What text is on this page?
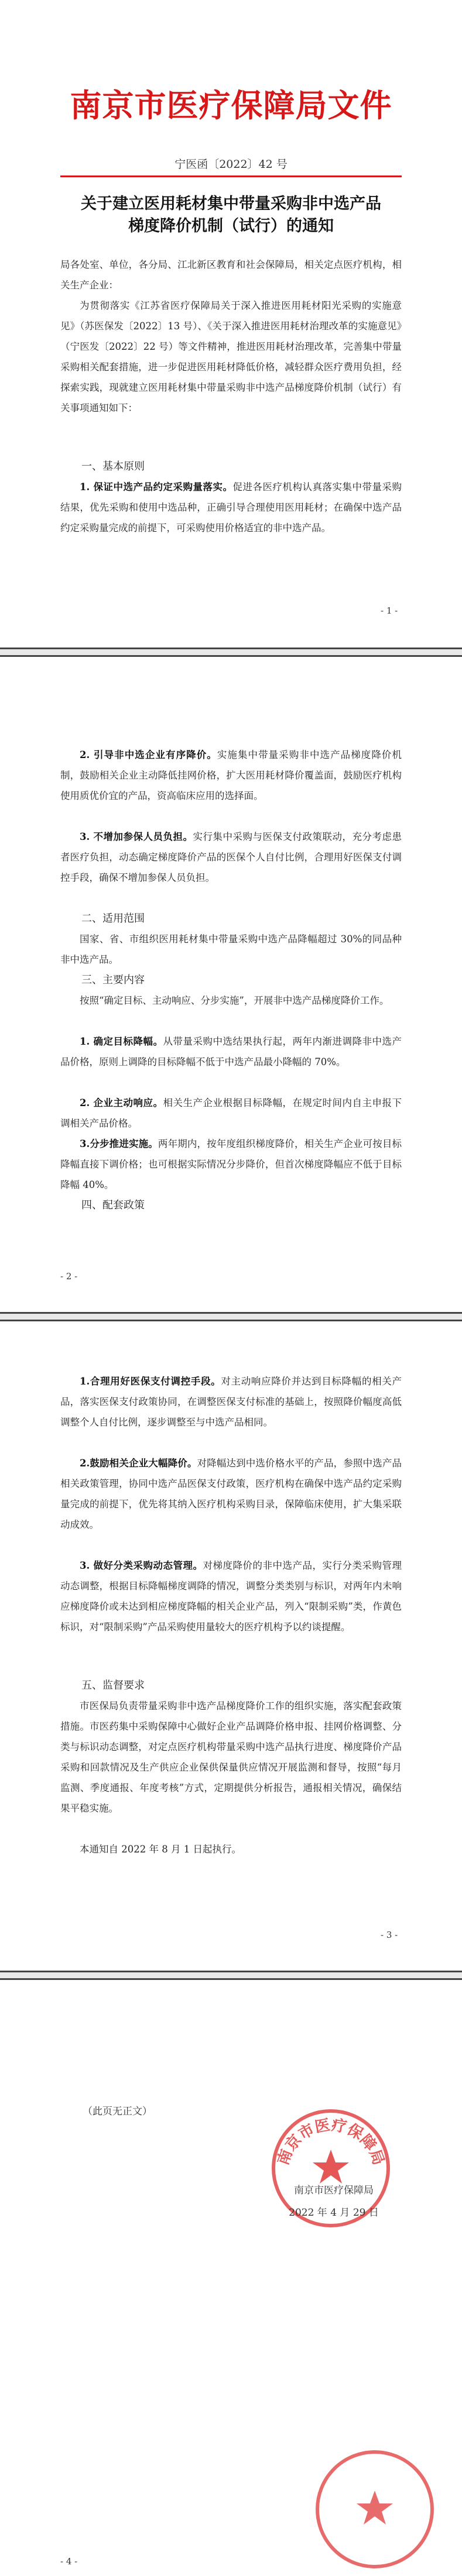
南京市医疗保障局文件
宁医函〔2022〕42 号
关于建立医用耗材集中带量采购非中选产品
梯度降价机制（试行）的通知
局各处室、单位，各分局、江北新区教育和社会保障局，相关定点医疗机构，相关生产企业：
为贯彻落实《江苏省医疗保障局关于深入推进医用耗材阳光采购的实施意见》（苏医保发〔2022〕13 号）、《关于深入推进医用耗材治理改革的实施意见》（宁医发〔2022〕22 号）等文件精神，推进医用耗材治理改革，完善集中带量采购相关配套措施，进一步促进医用耗材降低价格，减轻群众医疗费用负担，经探索实践，现就建立医用耗材集中带量采购非中选产品梯度降价机制（试行）有关事项通知如下：
一、基本原则
1. 保证中选产品约定采购量落实。促进各医疗机构认真落实集中带量采购结果，优先采购和使用中选品种，正确引导合理使用医用耗材；在确保中选产品约定采购量完成的前提下，可采购使用价格适宜的非中选产品。
- 1 -
2. 引导非中选企业有序降价。实施集中带量采购非中选产品梯度降价机制，鼓励相关企业主动降低挂网价格，扩大医用耗材降价覆盖面，鼓励医疗机构使用质优价宜的产品，资高临床应用的选择面。
3. 不增加参保人员负担。实行集中采购与医保支付政策联动，充分考虑患者医疗负担，动态确定梯度降价产品的医保个人自付比例，合理用好医保支付调控手段，确保不增加参保人员负担。
二、适用范围
国家、省、市组织医用耗材集中带量采购中选产品降幅超过 30%的同品种非中选产品。
三、主要内容
按照“确定目标、主动响应、分步实施”，开展非中选产品梯度降价工作。
1. 确定目标降幅。从带量采购中选结果执行起，两年内渐进调降非中选产品价格，原则上调降的目标降幅不低于中选产品最小降幅的 70%。
2. 企业主动响应。相关生产企业根据目标降幅，在规定时间内自主申报下调相关产品价格。
3.分步推进实施。两年期内，按年度组织梯度降价，相关生产企业可按目标降幅直接下调价格；也可根据实际情况分步降价，但首次梯度降幅应不低于目标降幅 40%。
四、配套政策
- 2 -
1.合理用好医保支付调控手段。对主动响应降价并达到目标降幅的相关产品，落实医保支付政策协同，在调整医保支付标准的基础上，按照降价幅度高低调整个人自付比例，逐步调整至与中选产品相同。
2.鼓励相关企业大幅降价。对降幅达到中选价格水平的产品，参照中选产品相关政策管理，协同中选产品医保支付政策，医疗机构在确保中选产品约定采购量完成的前提下，优先将其纳入医疗机构采购目录，保障临床使用，扩大集采联动成效。
3. 做好分类采购动态管理。对梯度降价的非中选产品，实行分类采购管理动态调整，根据目标降幅梯度调降的情况，调整分类类别与标识，对两年内未响应梯度降价或未达到相应梯度降幅的相关企业产品，列入“限制采购”类，作黄色标识，对“限制采购”产品采购使用量较大的医疗机构予以约谈提醒。
五、监督要求
市医保局负责带量采购非中选产品梯度降价工作的组织实施，落实配套政策措施。市医药集中采购保障中心做好企业产品调降价格申报、挂网价格调整、分类与标识动态调整，对定点医疗机构带量采购中选产品执行进度、梯度降价产品采购和回款情况及生产供应企业保供保量供应情况开展监测和督导，按照“每月监测、季度通报、年度考核”方式，定期提供分析报告，通报相关情况，确保结果平稳实施。
本通知自 2022 年 8 月 1 日起执行。
- 3 -
（此页无正文）
南京市医疗保障局
南京市医疗保障局
2022 年 4 月 29 日
- 4 -
